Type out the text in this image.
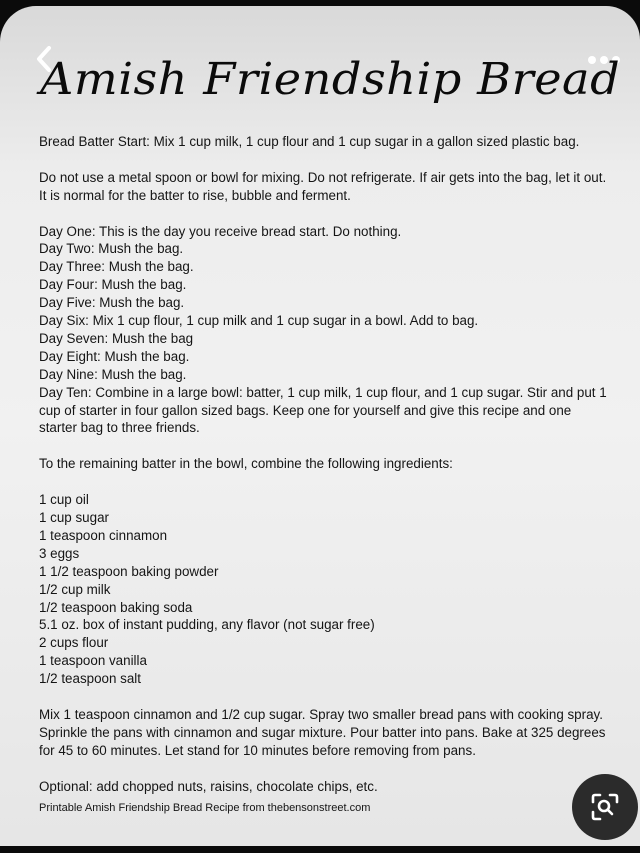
Amish Friendship Bread

Bread Batter Start: Mix 1 cup milk, 1 cup flour and 1 cup sugar in a gallon sized plastic bag.

Do not use a metal spoon or bowl for mixing. Do not refrigerate. If air gets into the bag, let it out. It is normal for the batter to rise, bubble and ferment.

Day One: This is the day you receive bread start. Do nothing.
Day Two: Mush the bag.
Day Three: Mush the bag.
Day Four: Mush the bag.
Day Five: Mush the bag.
Day Six: Mix 1 cup flour, 1 cup milk and 1 cup sugar in a bowl. Add to bag.
Day Seven: Mush the bag
Day Eight: Mush the bag.
Day Nine: Mush the bag.
Day Ten: Combine in a large bowl: batter, 1 cup milk, 1 cup flour, and 1 cup sugar. Stir and put 1 cup of starter in four gallon sized bags. Keep one for yourself and give this recipe and one starter bag to three friends.

To the remaining batter in the bowl, combine the following ingredients:

1 cup oil
1 cup sugar
1 teaspoon cinnamon
3 eggs
1 1/2 teaspoon baking powder
1/2 cup milk
1/2 teaspoon baking soda
5.1 oz. box of instant pudding, any flavor (not sugar free)
2 cups flour
1 teaspoon vanilla
1/2 teaspoon salt

Mix 1 teaspoon cinnamon and 1/2 cup sugar. Spray two smaller bread pans with cooking spray. Sprinkle the pans with cinnamon and sugar mixture. Pour batter into pans. Bake at 325 degrees for 45 to 60 minutes. Let stand for 10 minutes before removing from pans.

Optional: add chopped nuts, raisins, chocolate chips, etc.

Printable Amish Friendship Bread Recipe from thebensonstreet.com
